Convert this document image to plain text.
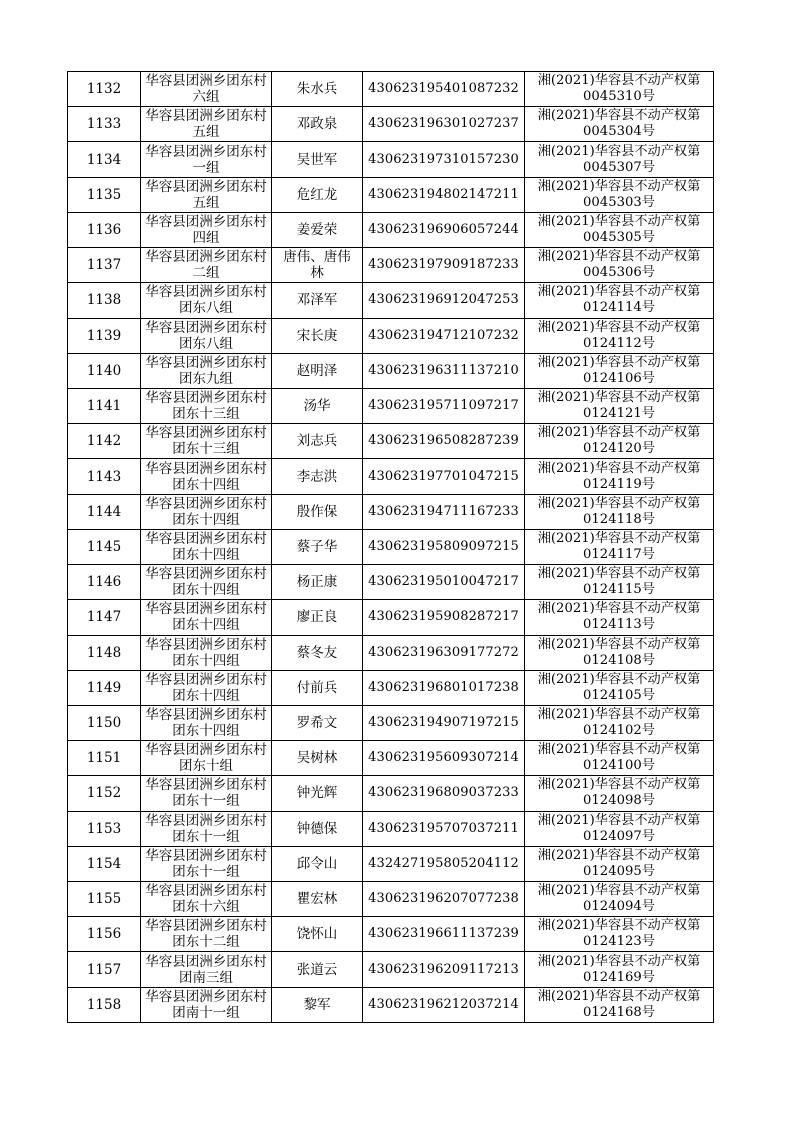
1132	华容县团洲乡团东村六组	朱水兵	430623195401087232	湘(2021)华容县不动产权第0045310号
1133	华容县团洲乡团东村五组	邓政泉	430623196301027237	湘(2021)华容县不动产权第0045304号
1134	华容县团洲乡团东村一组	吴世军	430623197310157230	湘(2021)华容县不动产权第0045307号
1135	华容县团洲乡团东村五组	危红龙	430623194802147211	湘(2021)华容县不动产权第0045303号
1136	华容县团洲乡团东村四组	姜爱荣	430623196906057244	湘(2021)华容县不动产权第0045305号
1137	华容县团洲乡团东村二组	唐伟、唐伟林	430623197909187233	湘(2021)华容县不动产权第0045306号
1138	华容县团洲乡团东村团东八组	邓泽军	430623196912047253	湘(2021)华容县不动产权第0124114号
1139	华容县团洲乡团东村团东八组	宋长庚	430623194712107232	湘(2021)华容县不动产权第0124112号
1140	华容县团洲乡团东村团东九组	赵明泽	430623196311137210	湘(2021)华容县不动产权第0124106号
1141	华容县团洲乡团东村团东十三组	汤华	430623195711097217	湘(2021)华容县不动产权第0124121号
1142	华容县团洲乡团东村团东十三组	刘志兵	430623196508287239	湘(2021)华容县不动产权第0124120号
1143	华容县团洲乡团东村团东十四组	李志洪	430623197701047215	湘(2021)华容县不动产权第0124119号
1144	华容县团洲乡团东村团东十四组	殷作保	430623194711167233	湘(2021)华容县不动产权第0124118号
1145	华容县团洲乡团东村团东十四组	蔡子华	430623195809097215	湘(2021)华容县不动产权第0124117号
1146	华容县团洲乡团东村团东十四组	杨正康	430623195010047217	湘(2021)华容县不动产权第0124115号
1147	华容县团洲乡团东村团东十四组	廖正良	430623195908287217	湘(2021)华容县不动产权第0124113号
1148	华容县团洲乡团东村团东十四组	蔡冬友	430623196309177272	湘(2021)华容县不动产权第0124108号
1149	华容县团洲乡团东村团东十四组	付前兵	430623196801017238	湘(2021)华容县不动产权第0124105号
1150	华容县团洲乡团东村团东十四组	罗希文	430623194907197215	湘(2021)华容县不动产权第0124102号
1151	华容县团洲乡团东村团东十组	吴树林	430623195609307214	湘(2021)华容县不动产权第0124100号
1152	华容县团洲乡团东村团东十一组	钟光辉	430623196809037233	湘(2021)华容县不动产权第0124098号
1153	华容县团洲乡团东村团东十一组	钟德保	430623195707037211	湘(2021)华容县不动产权第0124097号
1154	华容县团洲乡团东村团东十一组	邱令山	432427195805204112	湘(2021)华容县不动产权第0124095号
1155	华容县团洲乡团东村团东十六组	瞿宏林	430623196207077238	湘(2021)华容县不动产权第0124094号
1156	华容县团洲乡团东村团东十二组	饶怀山	430623196611137239	湘(2021)华容县不动产权第0124123号
1157	华容县团洲乡团东村团南三组	张道云	430623196209117213	湘(2021)华容县不动产权第0124169号
1158	华容县团洲乡团东村团南十一组	黎军	430623196212037214	湘(2021)华容县不动产权第0124168号
